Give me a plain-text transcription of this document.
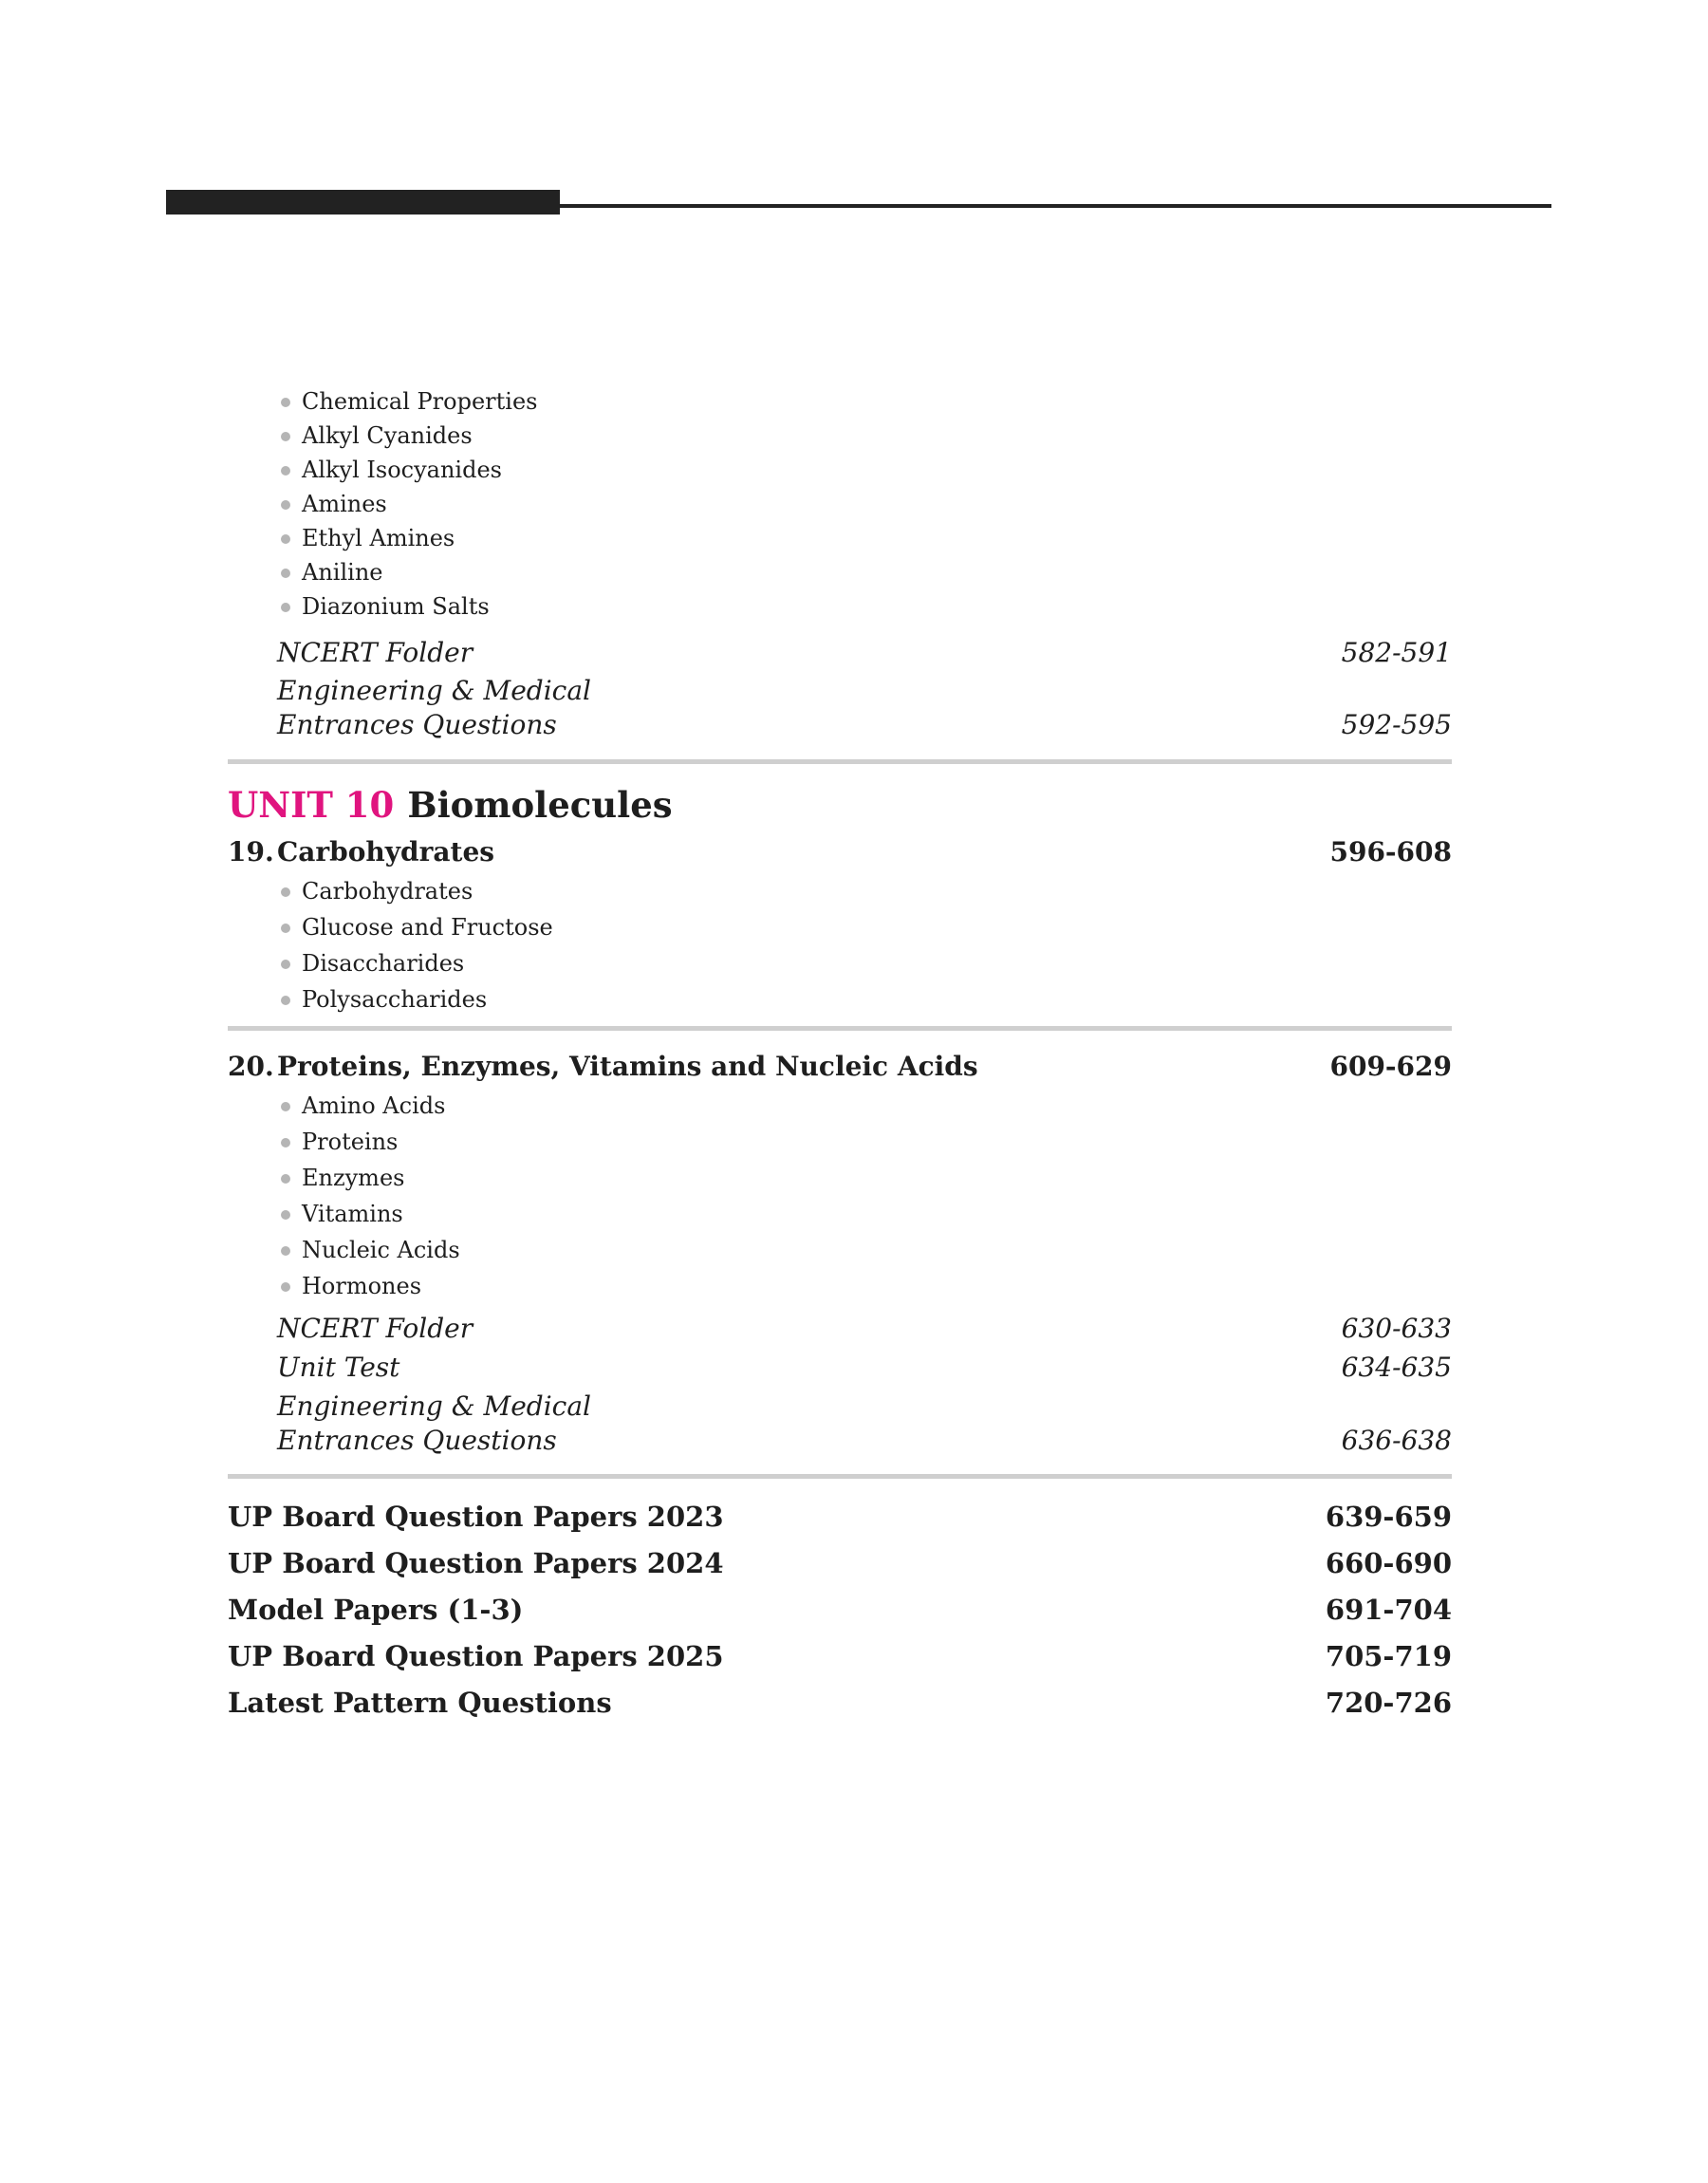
Chemical Properties
Alkyl Cyanides
Alkyl Isocyanides
Amines
Ethyl Amines
Aniline
Diazonium Salts
NCERT Folder	582-591
Engineering & Medical
Entrances Questions	592-595
UNIT 10 Biomolecules
19. Carbohydrates	596-608
Carbohydrates
Glucose and Fructose
Disaccharides
Polysaccharides
20. Proteins, Enzymes, Vitamins and Nucleic Acids	609-629
Amino Acids
Proteins
Enzymes
Vitamins
Nucleic Acids
Hormones
NCERT Folder	630-633
Unit Test	634-635
Engineering & Medical
Entrances Questions	636-638
UP Board Question Papers 2023	639-659
UP Board Question Papers 2024	660-690
Model Papers (1-3)	691-704
UP Board Question Papers 2025	705-719
Latest Pattern Questions	720-726
